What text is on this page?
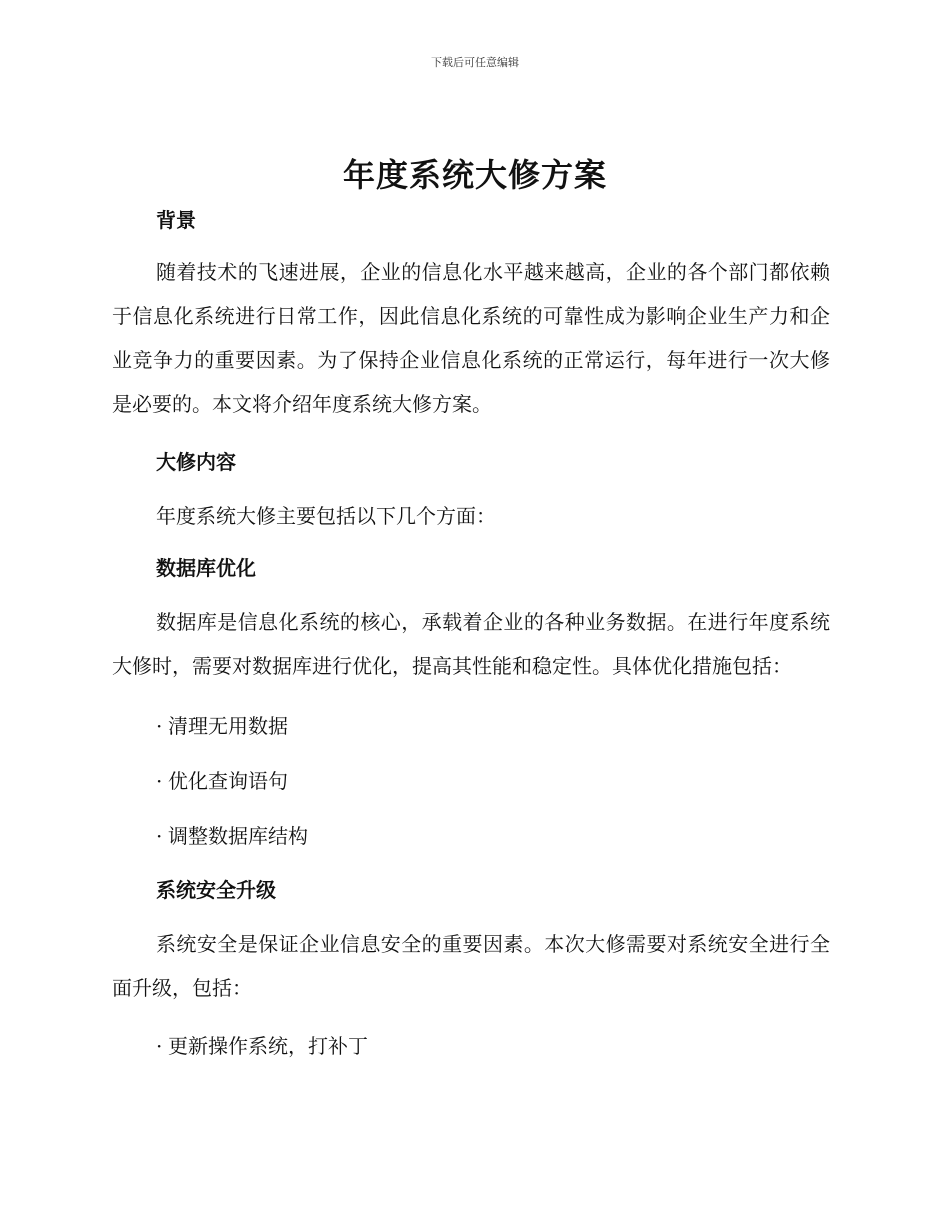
下载后可任意编辑
年度系统大修方案
背景

随着技术的飞速进展，企业的信息化水平越来越高，企业的各个部门都依赖于信息化系统进行日常工作，因此信息化系统的可靠性成为影响企业生产力和企业竞争力的重要因素。为了保持企业信息化系统的正常运行，每年进行一次大修是必要的。本文将介绍年度系统大修方案。

大修内容

年度系统大修主要包括以下几个方面：

数据库优化

数据库是信息化系统的核心，承载着企业的各种业务数据。在进行年度系统大修时，需要对数据库进行优化，提高其性能和稳定性。具体优化措施包括：

· 清理无用数据
· 优化查询语句
· 调整数据库结构
系统安全升级

系统安全是保证企业信息安全的重要因素。本次大修需要对系统安全进行全面升级，包括：

· 更新操作系统，打补丁
